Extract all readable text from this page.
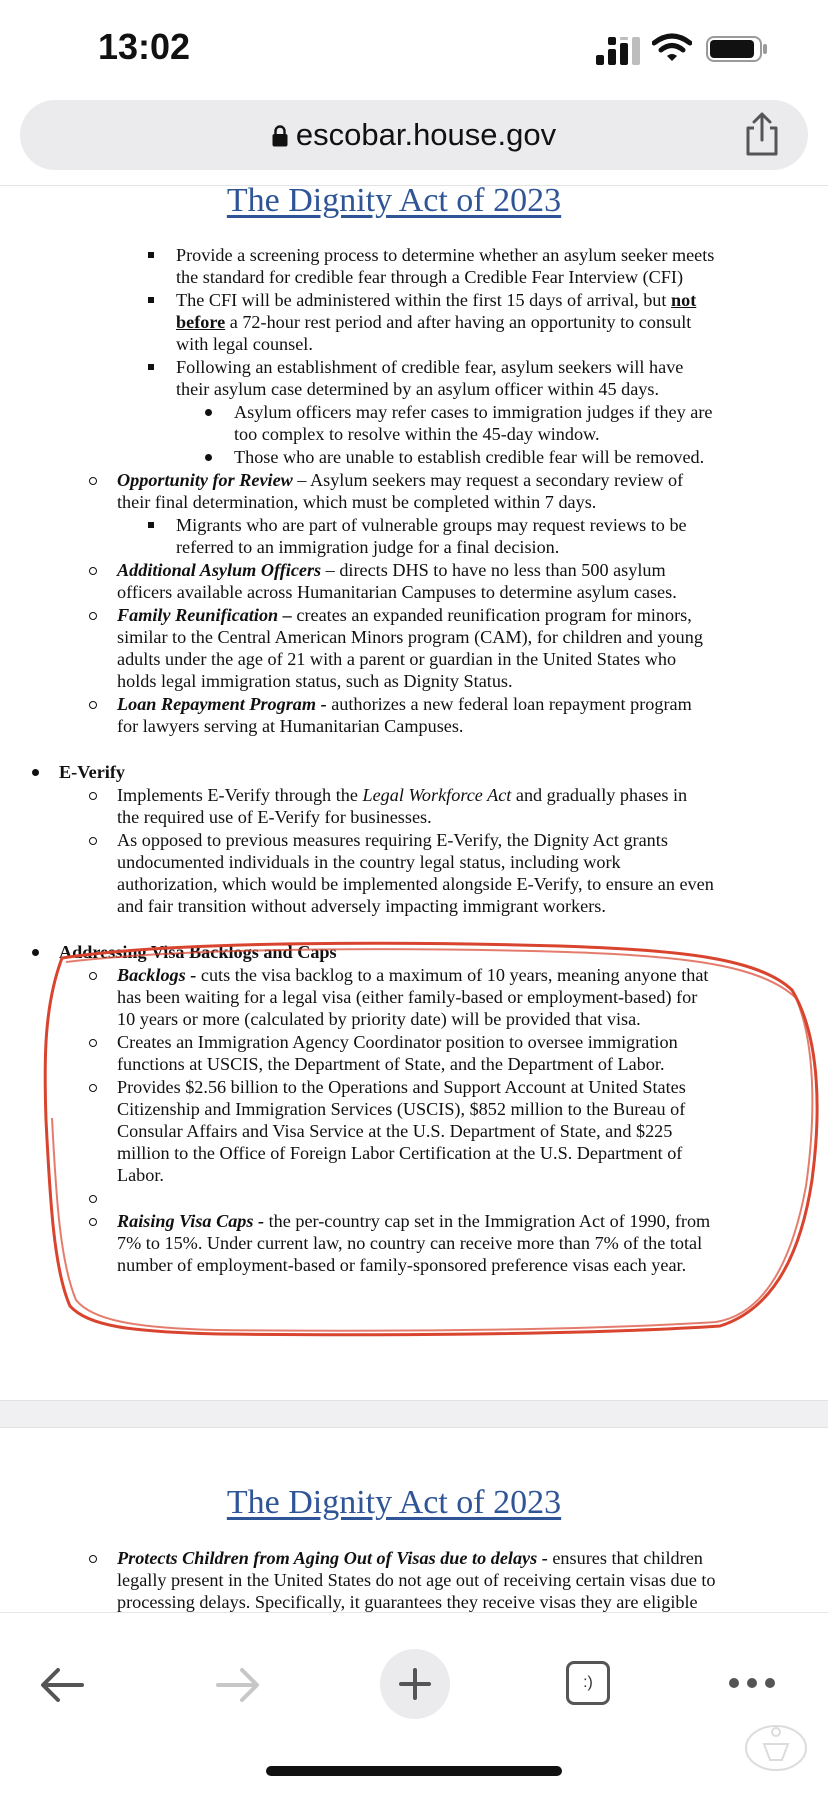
13:02
escobar.house.gov
The Dignity Act of 2023
Provide a screening process to determine whether an asylum seeker meets
the standard for credible fear through a Credible Fear Interview (CFI)
The CFI will be administered within the first 15 days of arrival, but not
before a 72-hour rest period and after having an opportunity to consult
with legal counsel.
Following an establishment of credible fear, asylum seekers will have
their asylum case determined by an asylum officer within 45 days.
Asylum officers may refer cases to immigration judges if they are
too complex to resolve within the 45-day window.
Those who are unable to establish credible fear will be removed.
Opportunity for Review – Asylum seekers may request a secondary review of
their final determination, which must be completed within 7 days.
Migrants who are part of vulnerable groups may request reviews to be
referred to an immigration judge for a final decision.
Additional Asylum Officers – directs DHS to have no less than 500 asylum
officers available across Humanitarian Campuses to determine asylum cases.
Family Reunification – creates an expanded reunification program for minors,
similar to the Central American Minors program (CAM), for children and young
adults under the age of 21 with a parent or guardian in the United States who
holds legal immigration status, such as Dignity Status.
Loan Repayment Program - authorizes a new federal loan repayment program
for lawyers serving at Humanitarian Campuses.
E-Verify
Implements E-Verify through the Legal Workforce Act and gradually phases in
the required use of E-Verify for businesses.
As opposed to previous measures requiring E-Verify, the Dignity Act grants
undocumented individuals in the country legal status, including work
authorization, which would be implemented alongside E-Verify, to ensure an even
and fair transition without adversely impacting immigrant workers.
Addressing Visa Backlogs and Caps
Backlogs - cuts the visa backlog to a maximum of 10 years, meaning anyone that
has been waiting for a legal visa (either family-based or employment-based) for
10 years or more (calculated by priority date) will be provided that visa.
Creates an Immigration Agency Coordinator position to oversee immigration
functions at USCIS, the Department of State, and the Department of Labor.
Provides $2.56 billion to the Operations and Support Account at United States
Citizenship and Immigration Services (USCIS), $852 million to the Bureau of
Consular Affairs and Visa Service at the U.S. Department of State, and $225
million to the Office of Foreign Labor Certification at the U.S. Department of
Labor.
Raising Visa Caps - the per-country cap set in the Immigration Act of 1990, from
7% to 15%. Under current law, no country can receive more than 7% of the total
number of employment-based or family-sponsored preference visas each year.
The Dignity Act of 2023
Protects Children from Aging Out of Visas due to delays - ensures that children
legally present in the United States do not age out of receiving certain visas due to
processing delays. Specifically, it guarantees they receive visas they are eligible
:)
